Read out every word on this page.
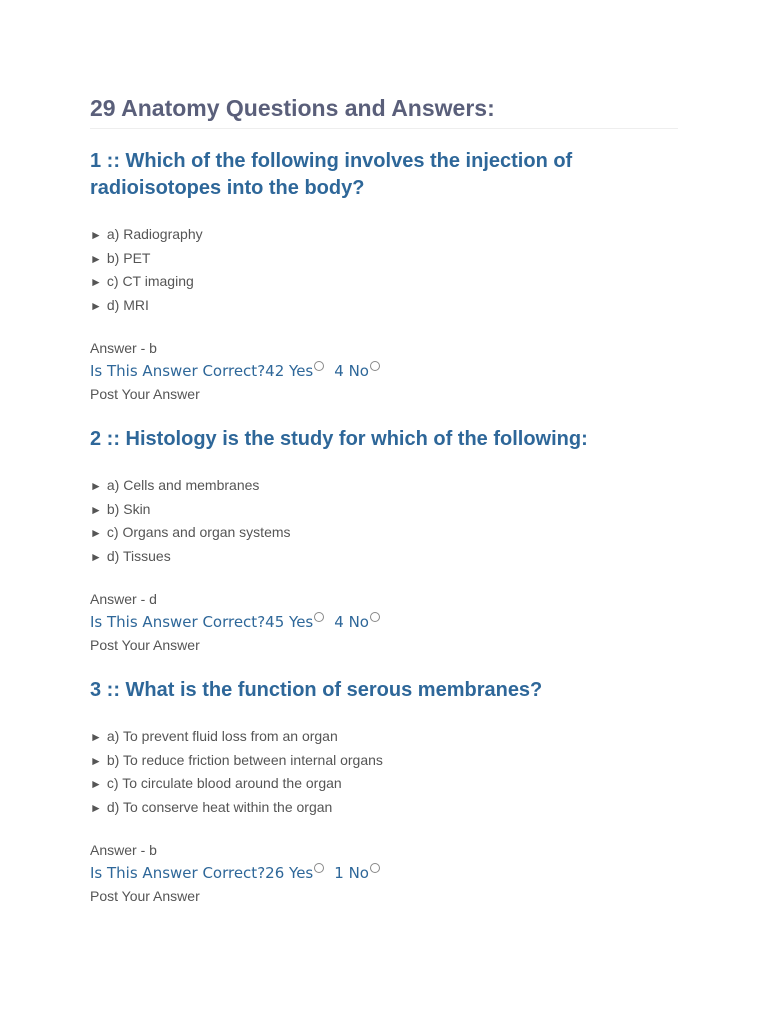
29 Anatomy Questions and Answers:
1 :: Which of the following involves the injection of radioisotopes into the body?
► a) Radiography
► b) PET
► c) CT imaging
► d) MRI
Answer - b
Is This Answer Correct?42 Yes 4 No
Post Your Answer
2 :: Histology is the study for which of the following:
► a) Cells and membranes
► b) Skin
► c) Organs and organ systems
► d) Tissues
Answer - d
Is This Answer Correct?45 Yes 4 No
Post Your Answer
3 :: What is the function of serous membranes?
► a) To prevent fluid loss from an organ
► b) To reduce friction between internal organs
► c) To circulate blood around the organ
► d) To conserve heat within the organ
Answer - b
Is This Answer Correct?26 Yes 1 No
Post Your Answer
